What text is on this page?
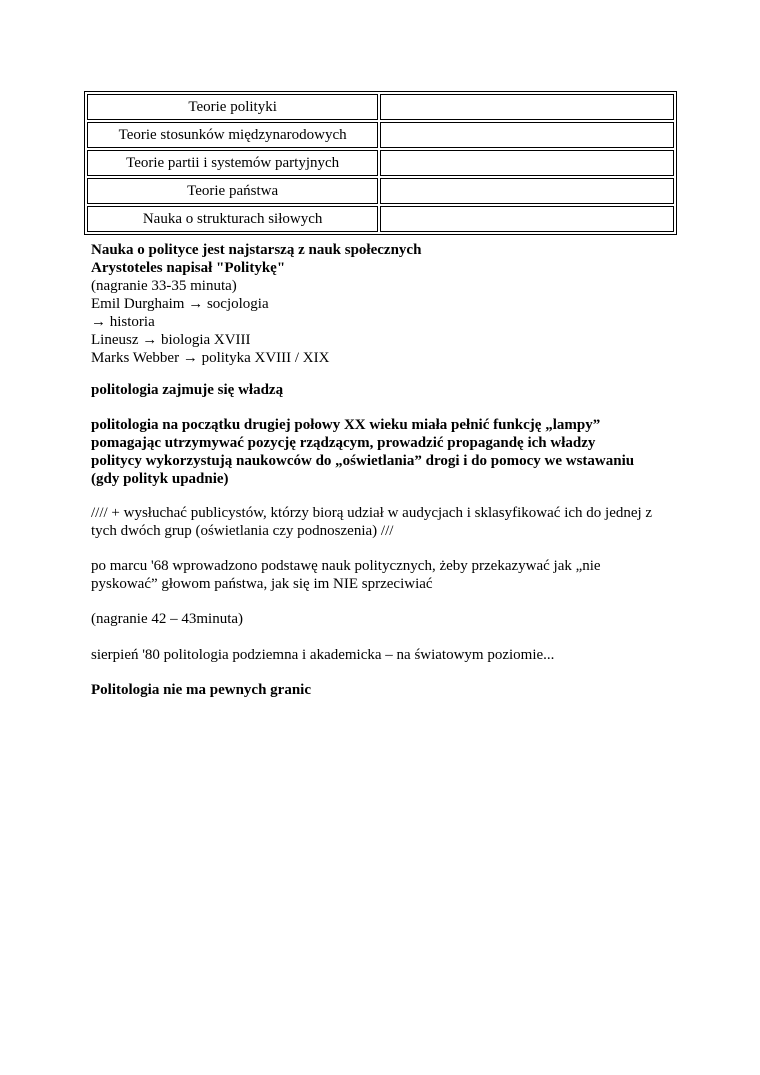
Teorie polityki	
Teorie stosunków międzynarodowych	
Teorie partii i systemów partyjnych	
Teorie państwa	
Nauka o strukturach siłowych	
Nauka o polityce jest najstarszą z nauk społecznych
Arystoteles napisał "Politykę"
(nagranie 33-35 minuta)
Emil Durghaim → socjologia
→ historia
Lineusz → biologia XVIII
Marks Webber → polityka XVIII / XIX
politologia zajmuje się władzą
politologia na początku drugiej połowy XX wieku miała pełnić funkcję „lampy”
pomagając utrzymywać pozycję rządzącym, prowadzić propagandę ich władzy
politycy wykorzystują naukowców do „oświetlania” drogi i do pomocy we wstawaniu
(gdy polityk upadnie)
//// + wysłuchać publicystów, którzy biorą udział w audycjach i sklasyfikować ich do jednej z
tych dwóch grup (oświetlania czy podnoszenia) ///
po marcu '68 wprowadzono podstawę nauk politycznych, żeby przekazywać jak „nie
pyskować” głowom państwa, jak się im NIE sprzeciwiać
(nagranie 42 – 43minuta)
sierpień '80 politologia podziemna i akademicka – na światowym poziomie...
Politologia nie ma pewnych granic
